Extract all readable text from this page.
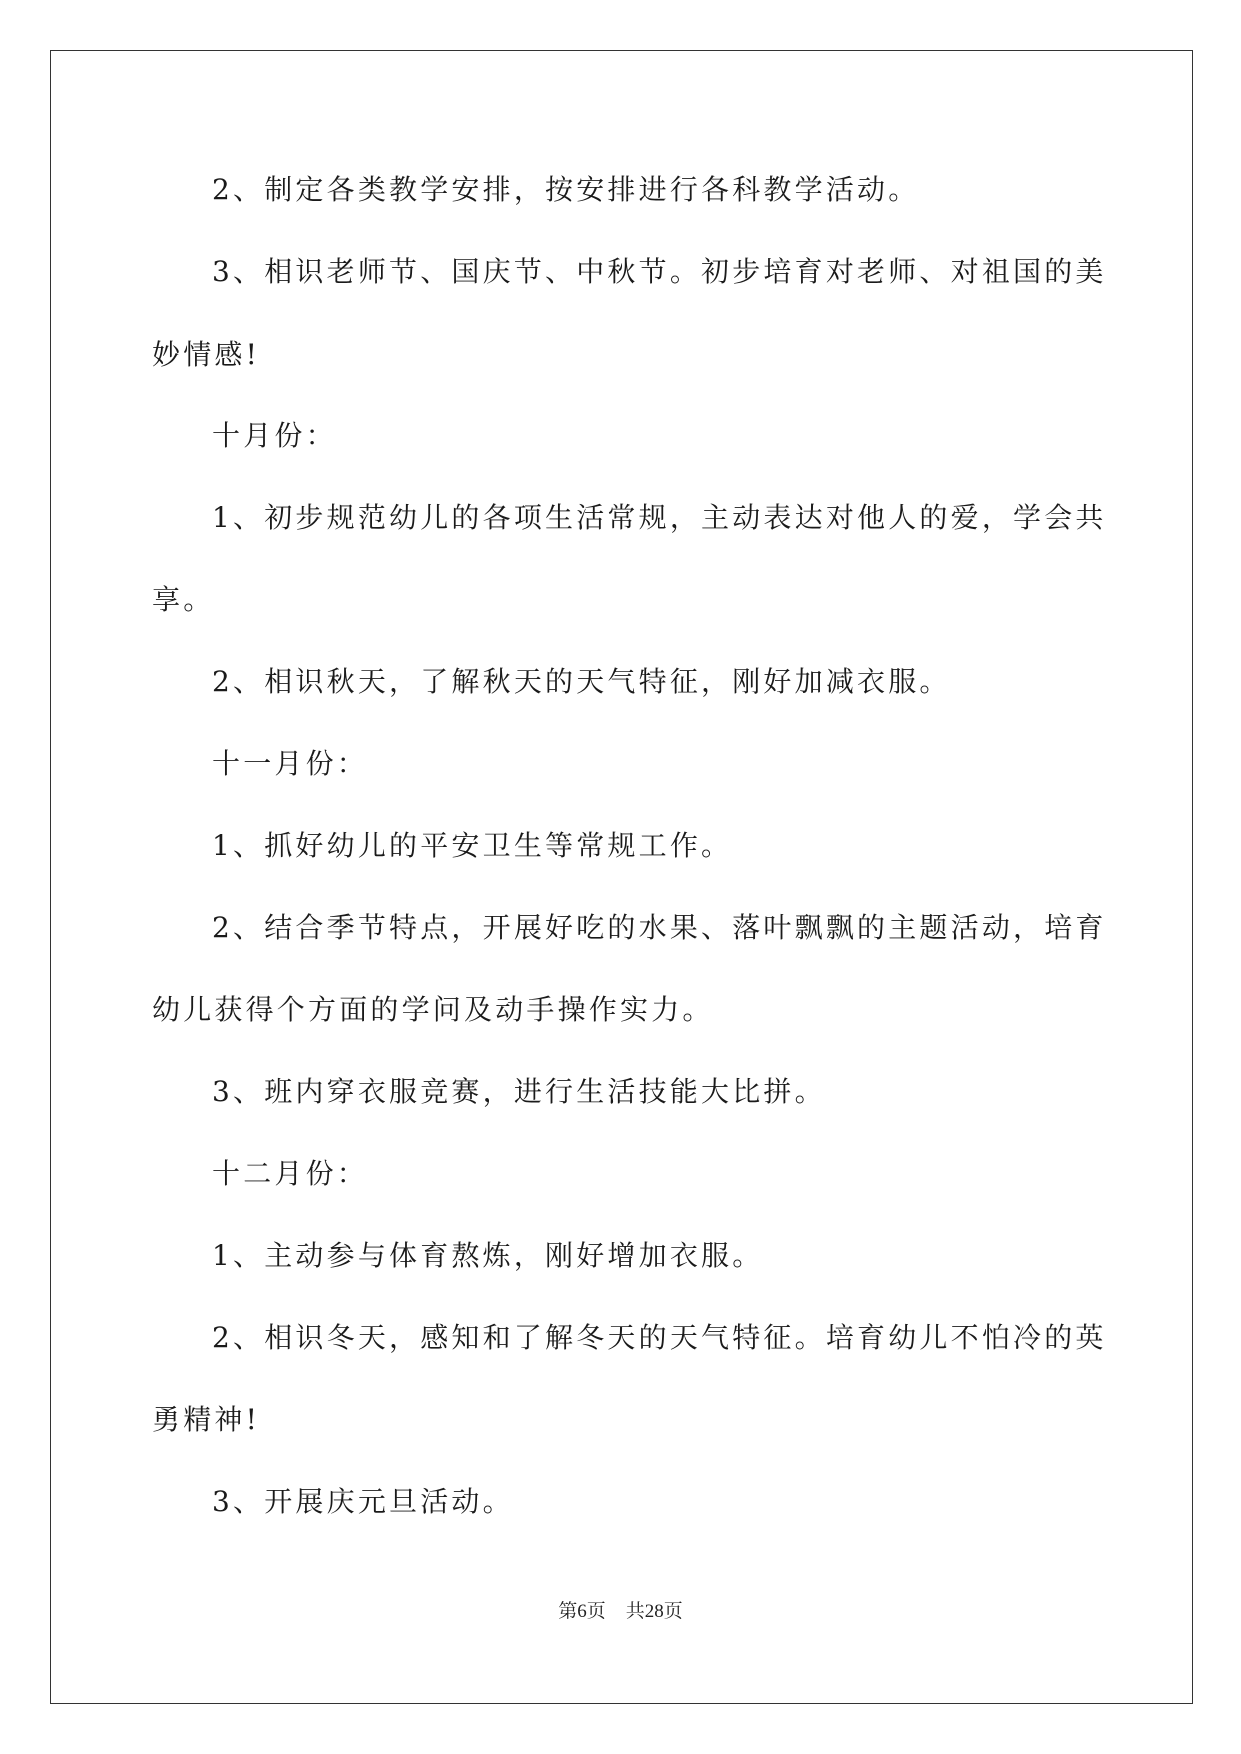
2、制定各类教学安排，按安排进行各科教学活动。
3、相识老师节、国庆节、中秋节。初步培育对老师、对祖国的美
妙情感!
十月份：
1、初步规范幼儿的各项生活常规，主动表达对他人的爱，学会共
享。
2、相识秋天，了解秋天的天气特征，刚好加减衣服。
十一月份：
1、抓好幼儿的平安卫生等常规工作。
2、结合季节特点，开展好吃的水果、落叶飘飘的主题活动，培育
幼儿获得个方面的学问及动手操作实力。
3、班内穿衣服竞赛，进行生活技能大比拼。
十二月份：
1、主动参与体育熬炼，刚好增加衣服。
2、相识冬天，感知和了解冬天的天气特征。培育幼儿不怕冷的英
勇精神!
3、开展庆元旦活动。
第6页 共28页
